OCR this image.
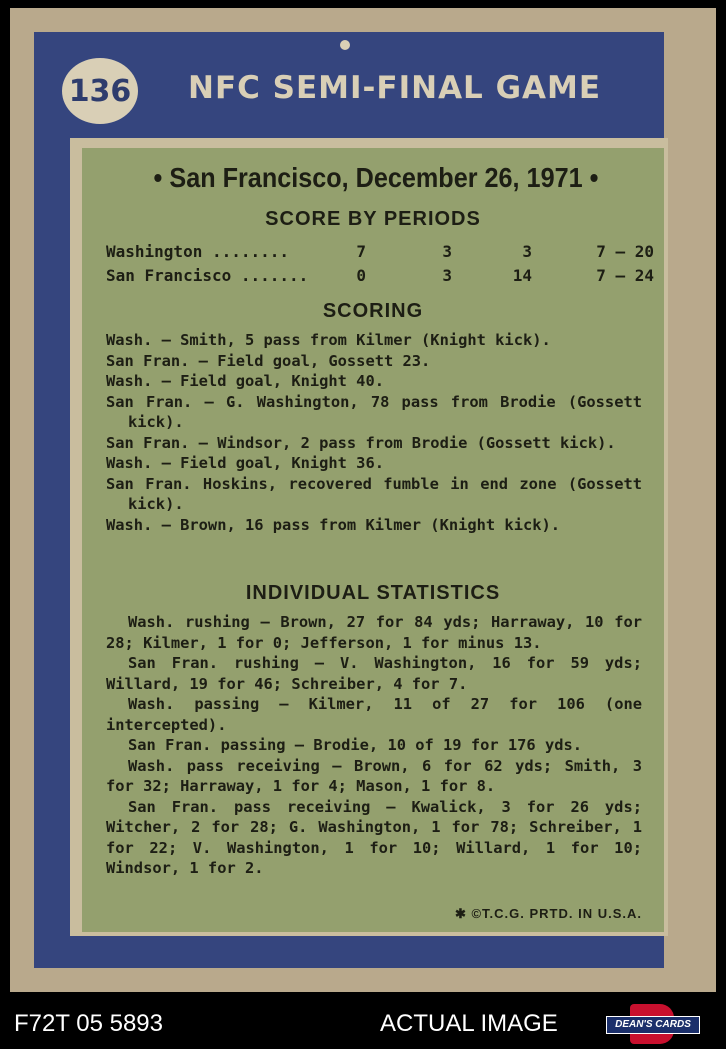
136 NFC SEMI-FINAL GAME
• San Francisco, December 26, 1971 •
SCORE BY PERIODS
Washington ........	7	3	3	7 — 20
San Francisco .......	0	3	14	7 — 24
SCORING

Wash. — Smith, 5 pass from Kilmer (Knight kick).

San Fran. — Field goal, Gossett 23.

Wash. — Field goal, Knight 40.

San Fran. — G. Washington, 78 pass from Brodie (Gossett kick).

San Fran. — Windsor, 2 pass from Brodie (Gossett kick).

Wash. — Field goal, Knight 36.

San Fran. Hoskins, recovered fumble in end zone (Gossett kick).

Wash. — Brown, 16 pass from Kilmer (Knight kick).

INDIVIDUAL STATISTICS

Wash. rushing — Brown, 27 for 84 yds; Harraway, 10 for 28; Kilmer, 1 for 0; Jefferson, 1 for minus 13.

San Fran. rushing — V. Washington, 16 for 59 yds; Willard, 19 for 46; Schreiber, 4 for 7.

Wash. passing — Kilmer, 11 of 27 for 106 (one intercepted).

San Fran. passing — Brodie, 10 of 19 for 176 yds.

Wash. pass receiving — Brown, 6 for 62 yds; Smith, 3 for 32; Harraway, 1 for 4; Mason, 1 for 8.

San Fran. pass receiving — Kwalick, 3 for 26 yds; Witcher, 2 for 28; G. Washington, 1 for 78; Schreiber, 1 for 22; V. Washington, 1 for 10; Willard, 1 for 10; Windsor, 1 for 2.

✱ ©T.C.G. PRTD. IN U.S.A.
F72T 05 5893	ACTUAL IMAGE	DEAN'S CARDS
